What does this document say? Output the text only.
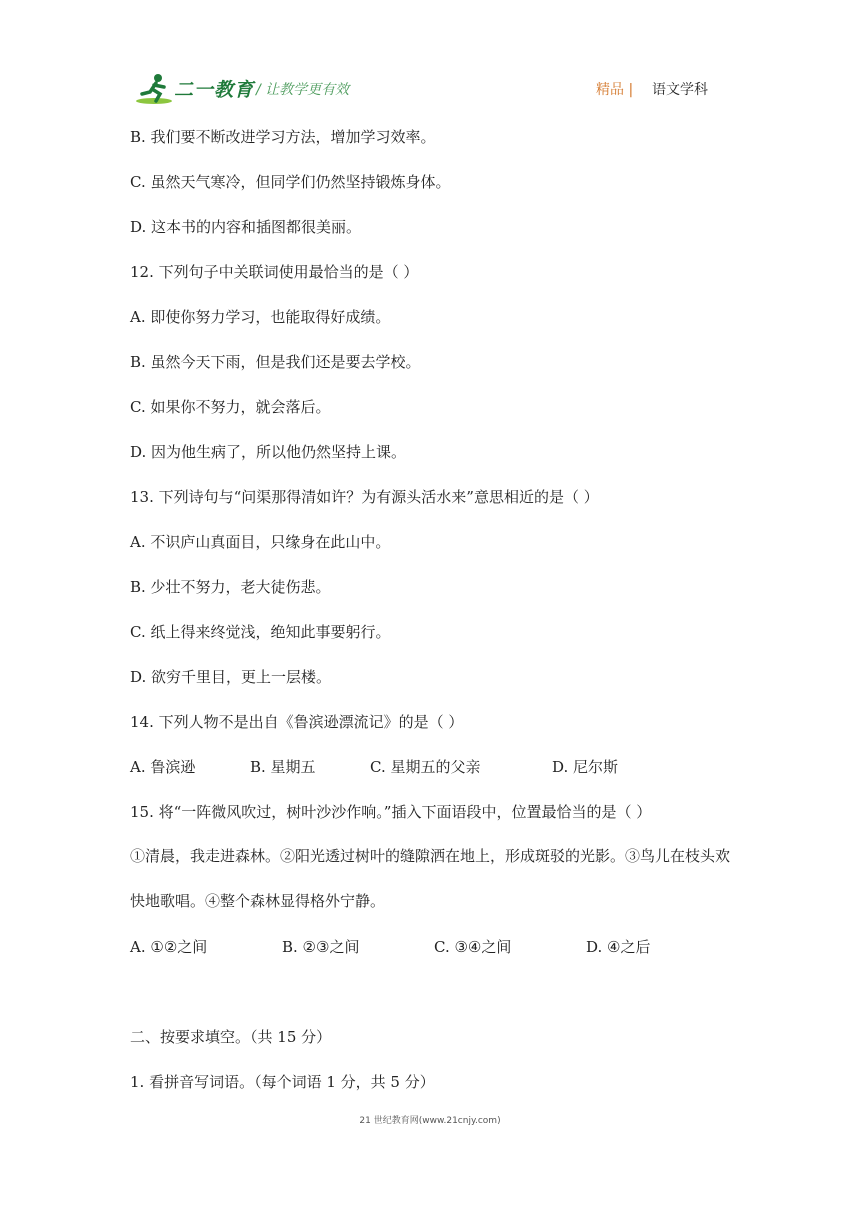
二一教育 / 让教学更有效	精品 | 语文学科
B. 我们要不断改进学习方法，增加学习效率。
C. 虽然天气寒冷，但同学们仍然坚持锻炼身体。
D. 这本书的内容和插图都很美丽。
12. 下列句子中关联词使用最恰当的是（ ）
A. 即使你努力学习，也能取得好成绩。
B. 虽然今天下雨，但是我们还是要去学校。
C. 如果你不努力，就会落后。
D. 因为他生病了，所以他仍然坚持上课。
13. 下列诗句与“问渠那得清如许？为有源头活水来”意思相近的是（ ）
A. 不识庐山真面目，只缘身在此山中。
B. 少壮不努力，老大徒伤悲。
C. 纸上得来终觉浅，绝知此事要躬行。
D. 欲穷千里目，更上一层楼。
14. 下列人物不是出自《鲁滨逊漂流记》的是（ ）
A. 鲁滨逊	B. 星期五	C. 星期五的父亲	D. 尼尔斯
15. 将“一阵微风吹过，树叶沙沙作响。”插入下面语段中，位置最恰当的是（ ）
①清晨，我走进森林。②阳光透过树叶的缝隙洒在地上，形成斑驳的光影。③鸟儿在枝头欢快地歌唱。④整个森林显得格外宁静。
A. ①②之间	B. ②③之间	C. ③④之间	D. ④之后
二、按要求填空。（共 15 分）
1. 看拼音写词语。（每个词语 1 分，共 5 分）
21 世纪教育网(www.21cnjy.com)
